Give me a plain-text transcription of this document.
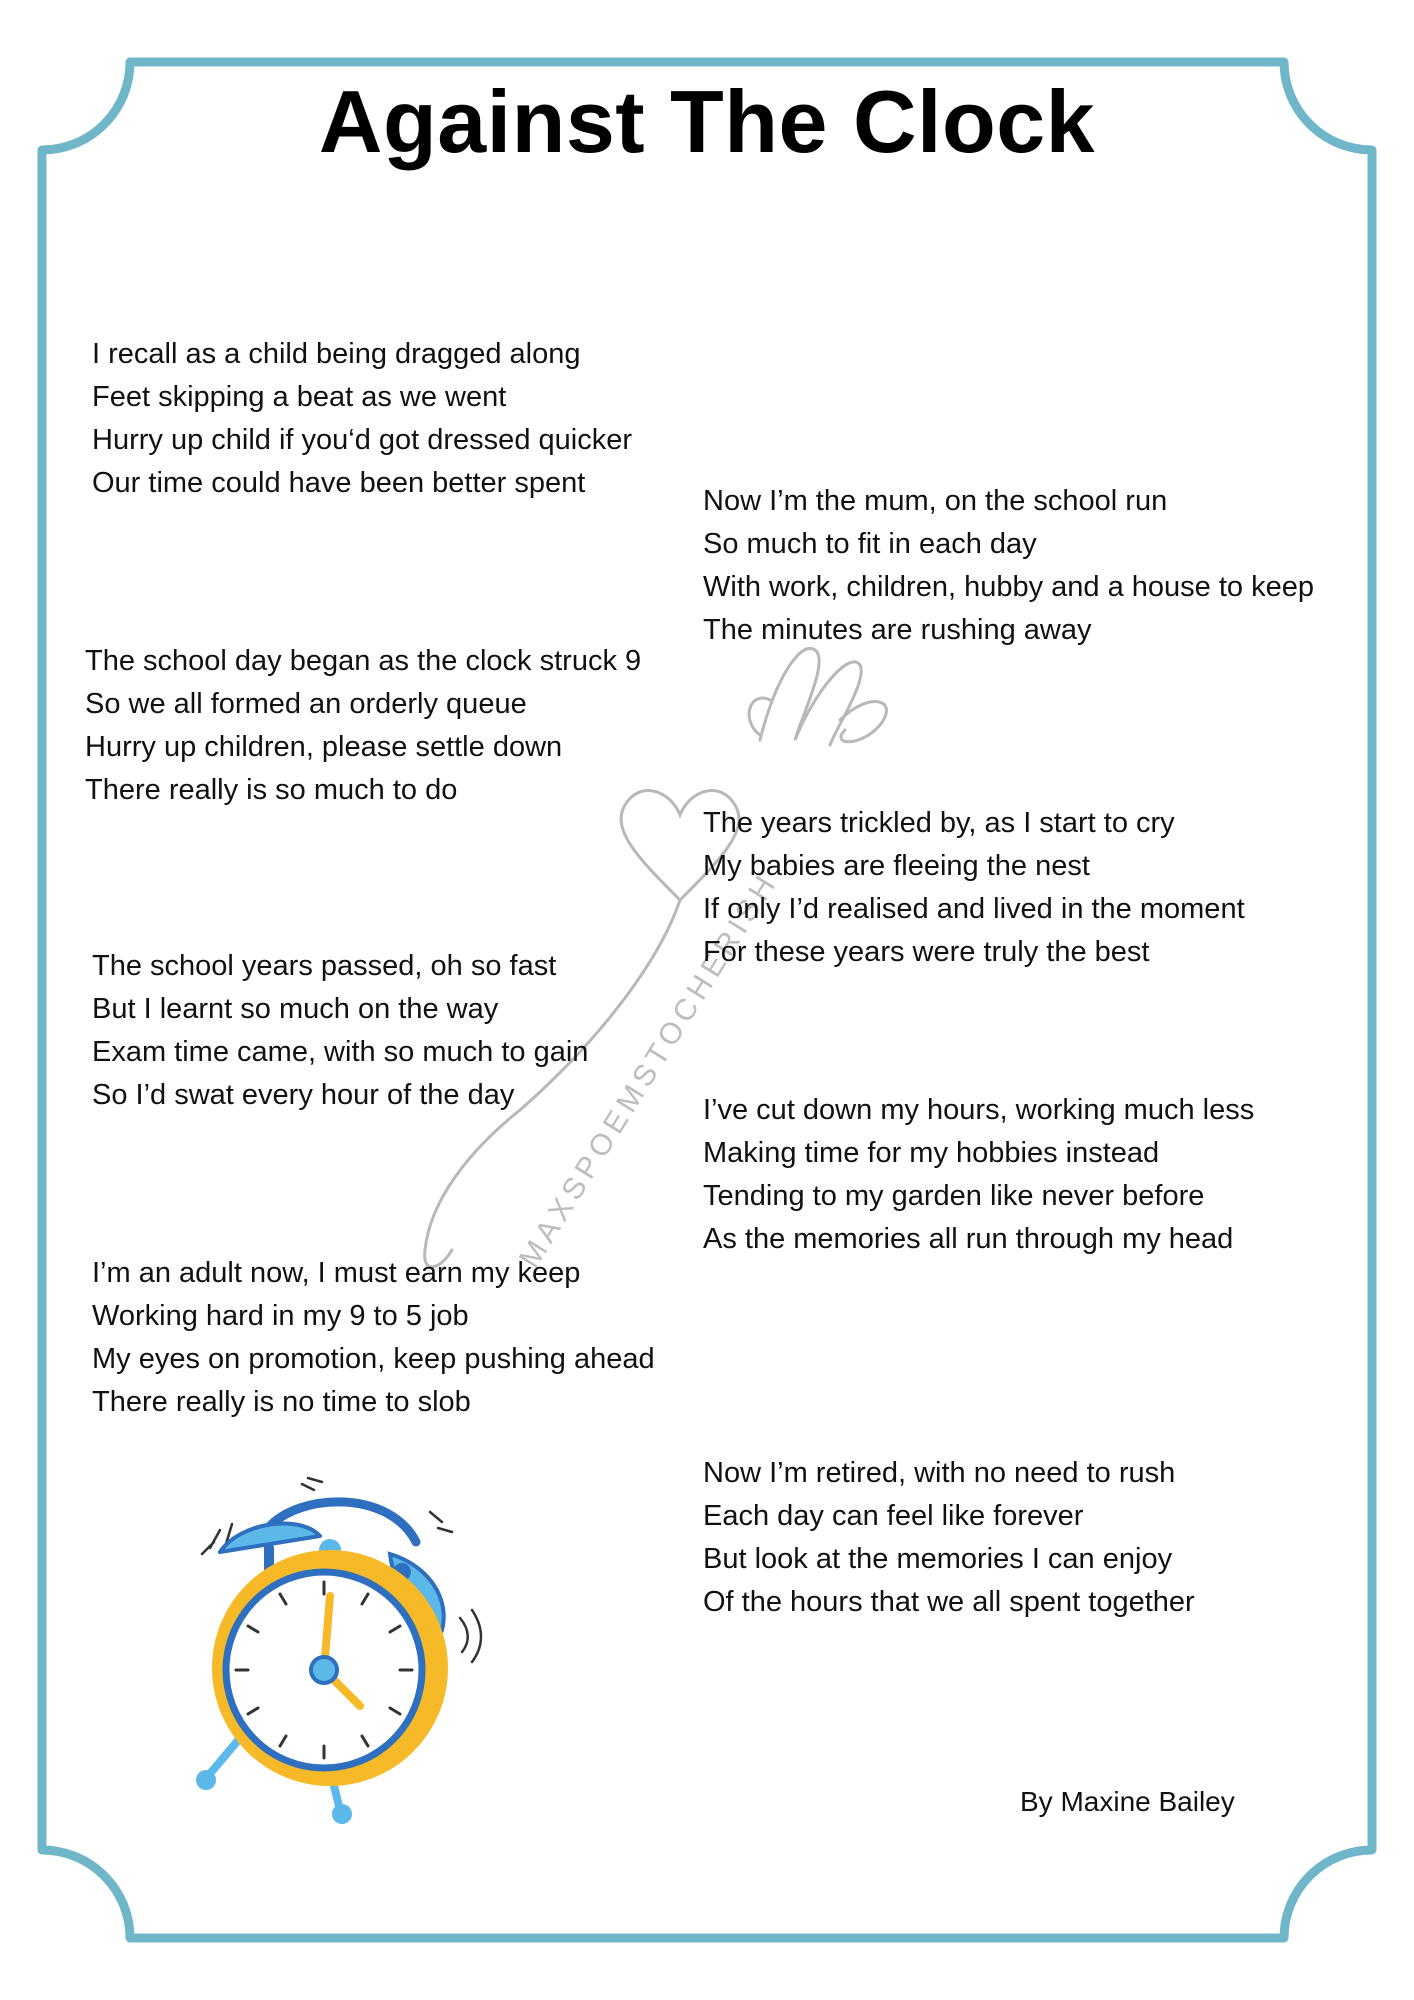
MAXSPOEMSTOCHERISH
Against The Clock
I recall as a child being dragged along
Feet skipping a beat as we went
Hurry up child if you‘d got dressed quicker
Our time could have been better spent
The school day began as the clock struck 9
So we all formed an orderly queue
Hurry up children, please settle down
There really is so much to do
The school years passed, oh so fast
But I learnt so much on the way
Exam time came, with so much to gain
So I’d swat every hour of the day
I’m an adult now, I must earn my keep
Working hard in my 9 to 5 job
My eyes on promotion, keep pushing ahead
There really is no time to slob
Now I’m the mum, on the school run
So much to fit in each day
With work, children, hubby and a house to keep
The minutes are rushing away
The years trickled by, as I start to cry
My babies are fleeing the nest
If only I’d realised and lived in the moment
For these years were truly the best
I’ve cut down my hours, working much less
Making time for my hobbies instead
Tending to my garden like never before
As the memories all run through my head
Now I’m retired, with no need to rush
Each day can feel like forever
But look at the memories I can enjoy
Of the hours that we all spent together

By Maxine Bailey
